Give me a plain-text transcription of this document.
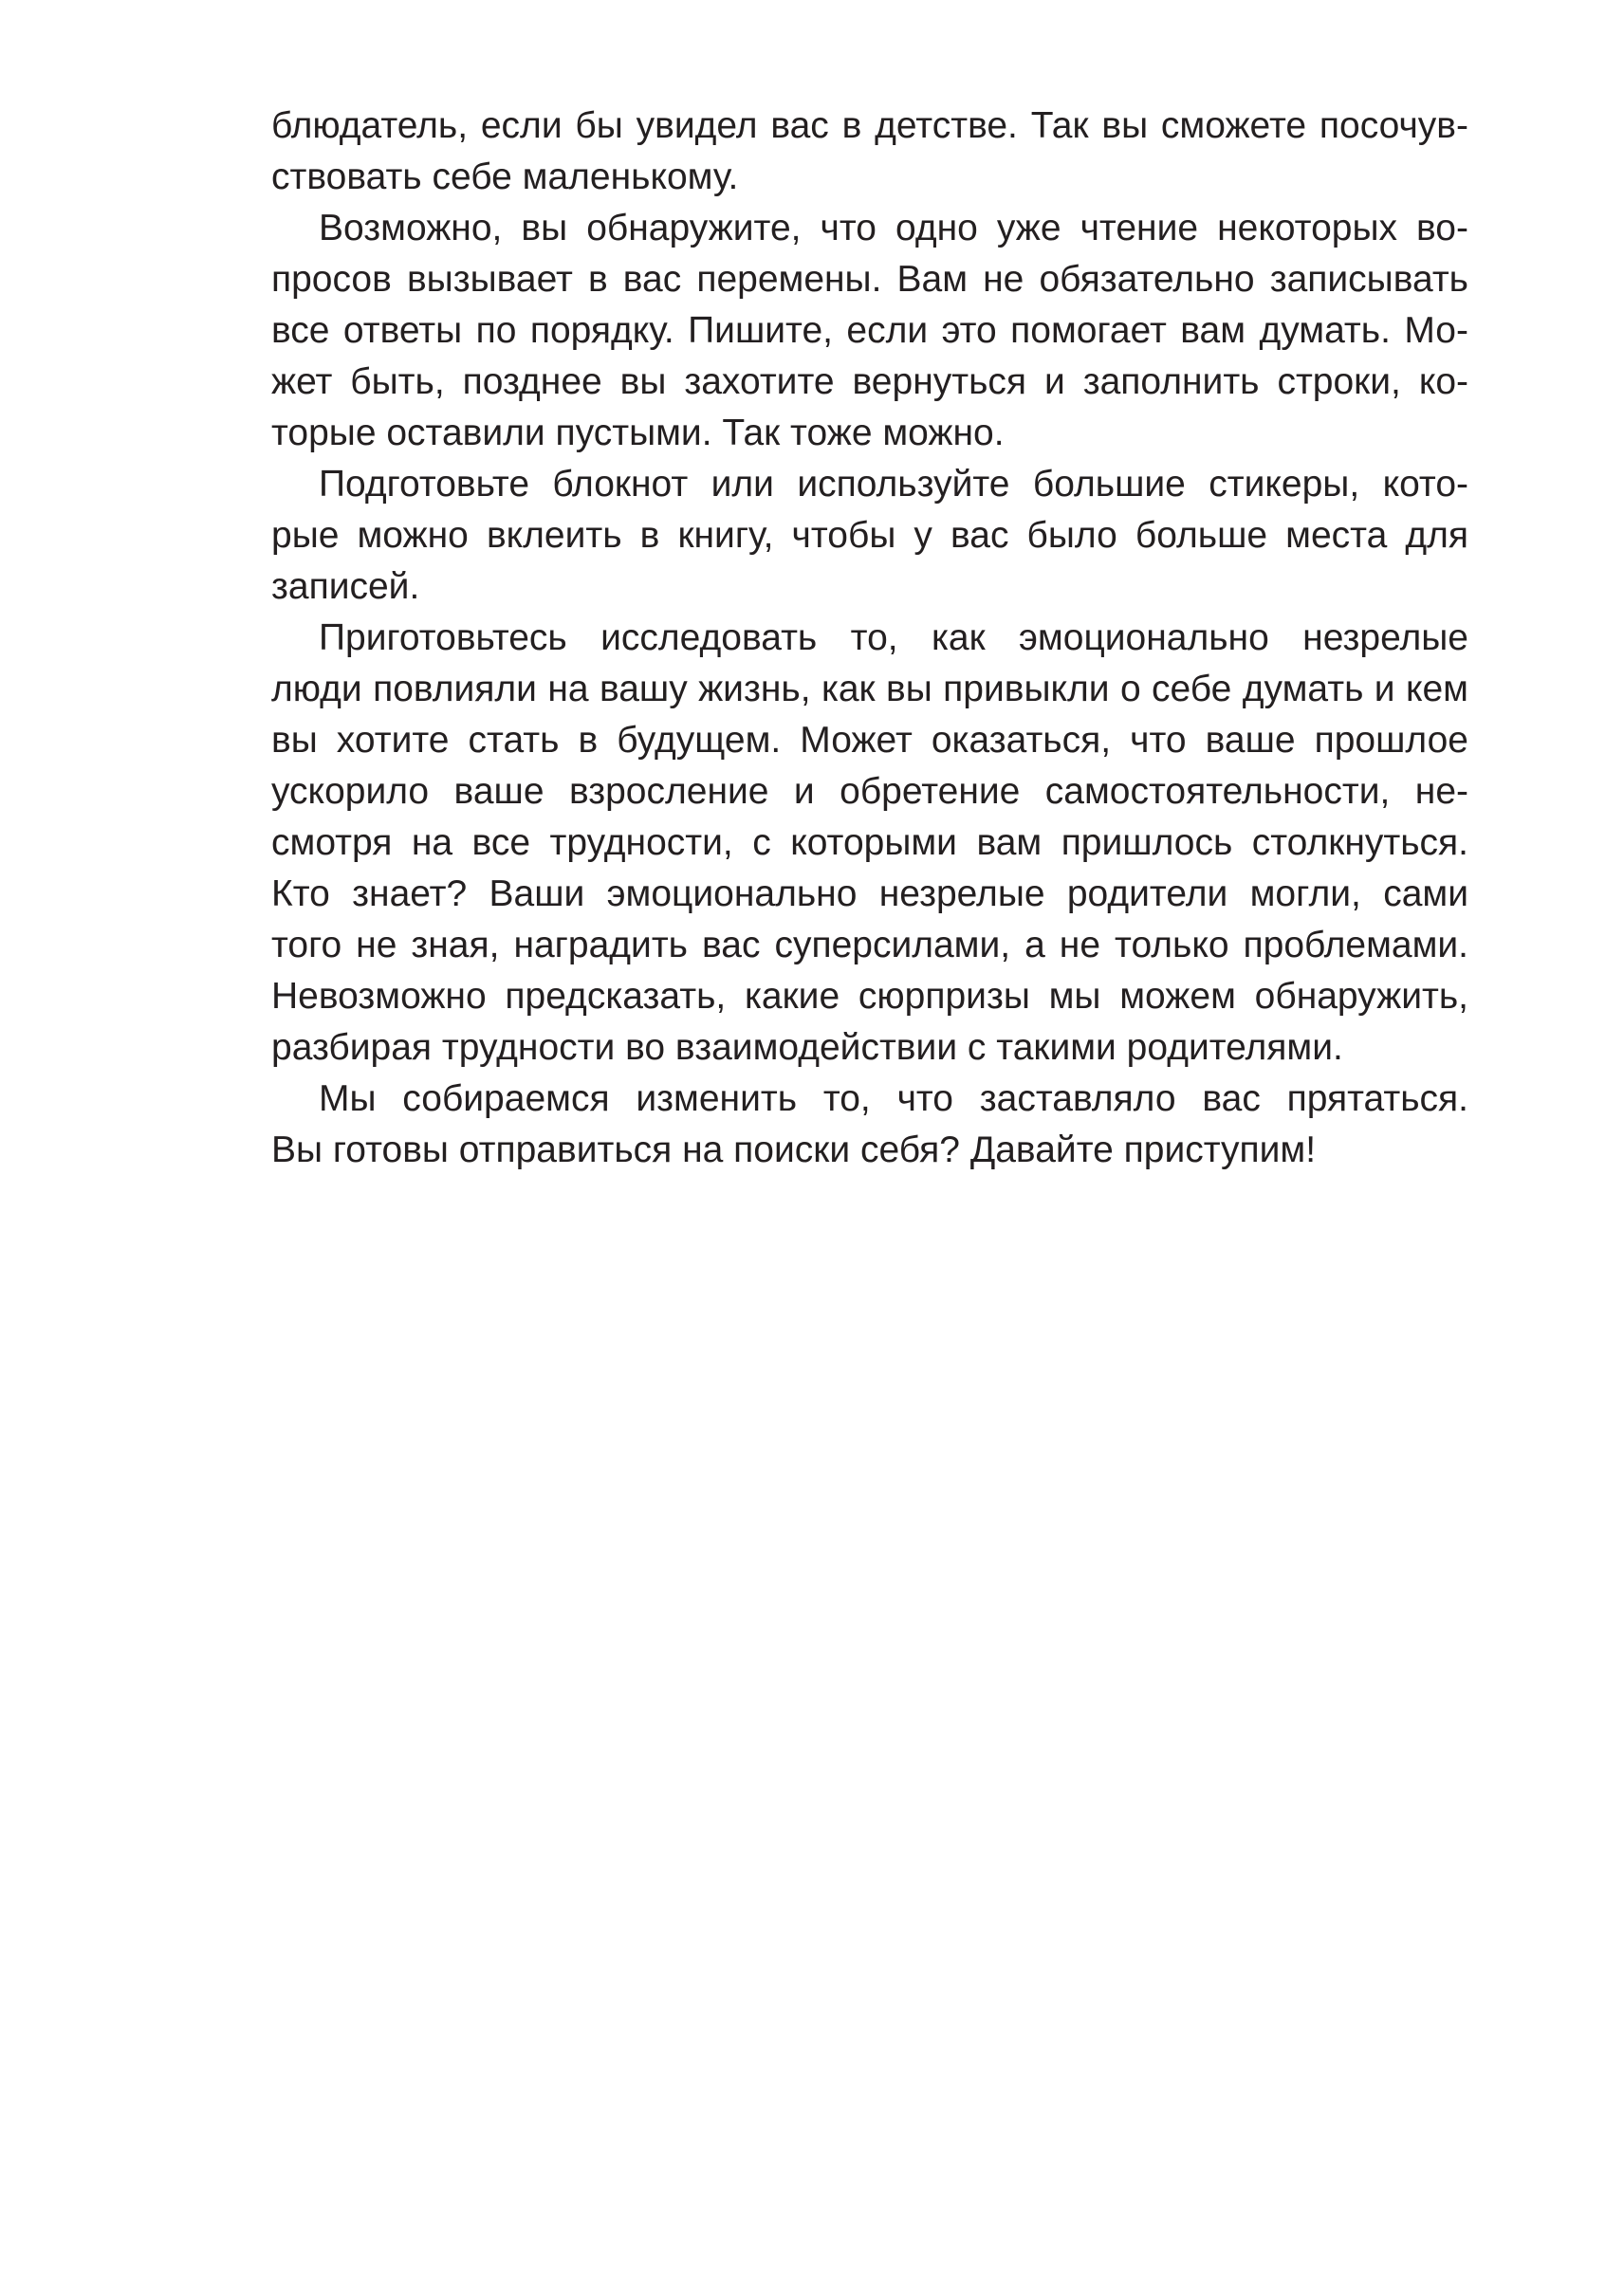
блюдатель, если бы увидел вас в детстве. Так вы сможете посочув-
ствовать себе маленькому.
Возможно, вы обнаружите, что одно уже чтение некоторых во-
просов вызывает в вас перемены. Вам не обязательно записывать
все ответы по порядку. Пишите, если это помогает вам думать. Мо-
жет быть, позднее вы захотите вернуться и заполнить строки, ко-
торые оставили пустыми. Так тоже можно.
Подготовьте блокнот или используйте большие стикеры, кото-
рые можно вклеить в книгу, чтобы у вас было больше места для
записей.
Приготовьтесь исследовать то, как эмоционально незрелые
люди повлияли на вашу жизнь, как вы привыкли о себе думать и кем
вы хотите стать в будущем. Может оказаться, что ваше прошлое
ускорило ваше взросление и обретение самостоятельности, не-
смотря на все трудности, с которыми вам пришлось столкнуться.
Кто знает? Ваши эмоционально незрелые родители могли, сами
того не зная, наградить вас суперсилами, а не только проблемами.
Невозможно предсказать, какие сюрпризы мы можем обнаружить,
разбирая трудности во взаимодействии с такими родителями.
Мы собираемся изменить то, что заставляло вас прятаться.
Вы готовы отправиться на поиски себя? Давайте приступим!
